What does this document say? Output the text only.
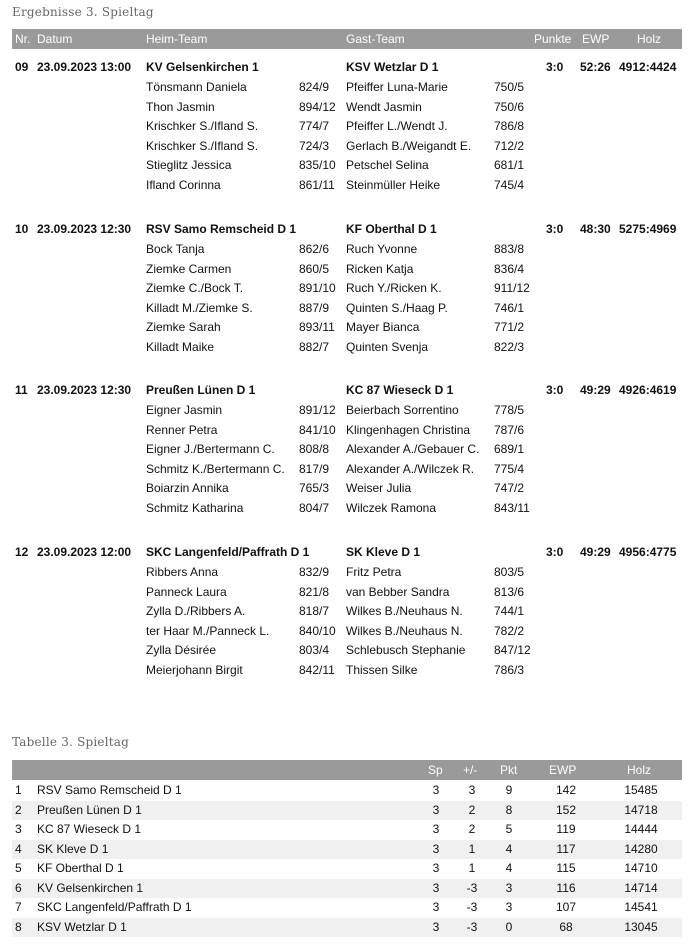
Ergebnisse 3. Spieltag
Nr. Datum	Heim-Team	Gast-Team	Punkte EWP Holz
09 23.09.2023 13:00 KV Gelsenkirchen 1	KSV Wetzlar D 1	3:0 52:26 4912:4424
Tönsmann Daniela	824/9 Pfeiffer Luna-Marie	750/5
Thon Jasmin	894/12 Wendt Jasmin	750/6
Krischker S./Ifland S.	774/7 Pfeiffer L./Wendt J.	786/8
Krischker S./Ifland S.	724/3 Gerlach B./Weigandt E. 712/2
Stieglitz Jessica	835/10 Petschel Selina	681/1
Ifland Corinna	861/11 Steinmüller Heike	745/4
10 23.09.2023 12:30 RSV Samo Remscheid D 1	KF Oberthal D 1	3:0 48:30 5275:4969
Bock Tanja	862/6 Ruch Yvonne	883/8
Ziemke Carmen	860/5 Ricken Katja	836/4
Ziemke C./Bock T.	891/10 Ruch Y./Ricken K.	911/12
Killadt M./Ziemke S.	887/9 Quinten S./Haag P.	746/1
Ziemke Sarah	893/11 Mayer Bianca	771/2
Killadt Maike	882/7 Quinten Svenja	822/3
11 23.09.2023 12:30 Preußen Lünen D 1	KC 87 Wieseck D 1	3:0 49:29 4926:4619
Eigner Jasmin	891/12 Beierbach Sorrentino	778/5
Renner Petra	841/10 Klingenhagen Christina 787/6
Eigner J./Bertermann C. 808/8 Alexander A./Gebauer C. 689/1
Schmitz K./Bertermann C. 817/9 Alexander A./Wilczek R. 775/4
Boiarzin Annika	765/3 Weiser Julia	747/2
Schmitz Katharina	804/7 Wilczek Ramona	843/11
12 23.09.2023 12:00 SKC Langenfeld/Paffrath D 1	SK Kleve D 1	3:0 49:29 4956:4775
Ribbers Anna	832/9 Fritz Petra	803/5
Panneck Laura	821/8 van Bebber Sandra	813/6
Zylla D./Ribbers A.	818/7 Wilkes B./Neuhaus N.	744/1
ter Haar M./Panneck L. 840/10 Wilkes B./Neuhaus N.	782/2
Zylla Désirée	803/4 Schlebusch Stephanie 847/12
Meierjohann Birgit	842/11 Thissen Silke	786/3
Tabelle 3. Spieltag
Sp +/- Pkt	EWP	Holz
1 RSV Samo Remscheid D 1	3	3	9	142	15485
2 Preußen Lünen D 1	3	2	8	152	14718
3 KC 87 Wieseck D 1	3	2	5	119	14444
4 SK Kleve D 1	3	1	4	117	14280
5 KF Oberthal D 1	3	1	4	115	14710
6 KV Gelsenkirchen 1	3	-3	3	116	14714
7 SKC Langenfeld/Paffrath D 1	3	-3	3	107	14541
8 KSV Wetzlar D 1	3	-3	0	68	13045
